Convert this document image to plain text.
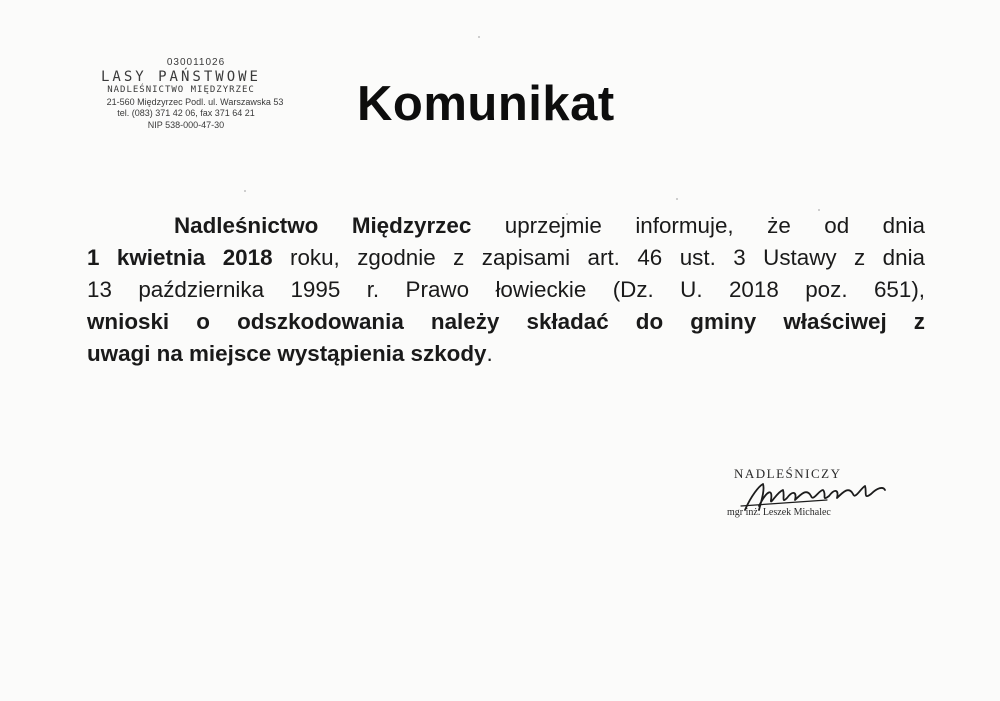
030011026
LASY PAŃSTWOWE
NADLEŚNICTWO MIĘDZYRZEC
21-560 Międzyrzec Podl. ul. Warszawska 53
tel. (083) 371 42 06, fax 371 64 21
NIP 538-000-47-30	Komunikat

Nadleśnictwo Międzyrzec uprzejmie informuje, że od dnia
1 kwietnia 2018 roku, zgodnie z zapisami art. 46 ust. 3 Ustawy z dnia
13 października 1995 r. Prawo łowieckie (Dz. U. 2018 poz. 651),
wnioski o odszkodowania należy składać do gminy właściwej z
uwagi na miejsce wystąpienia szkody.

NADLEŚNICZY
mgr inż. Leszek Michalec
